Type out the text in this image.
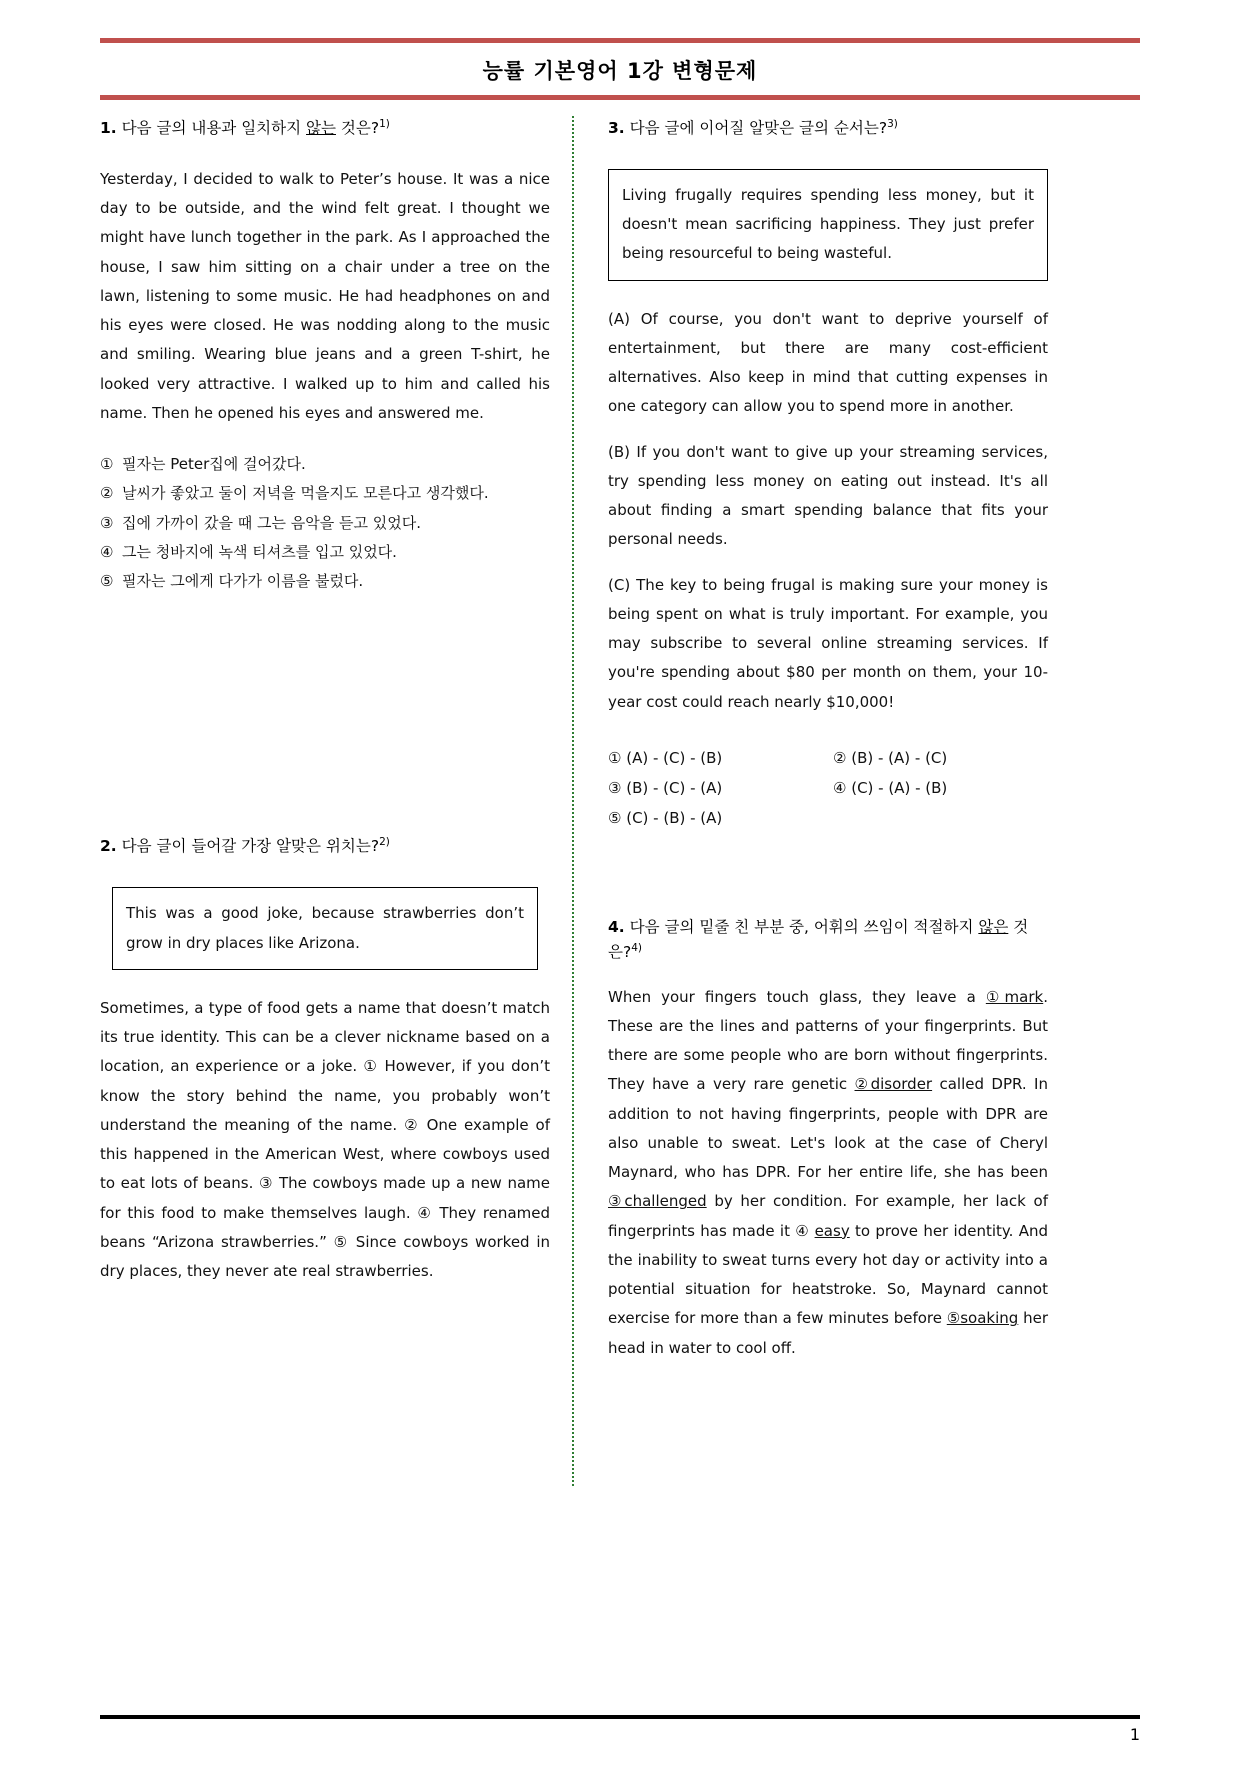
능률 기본영어 1강 변형문제
1. 다음 글의 내용과 일치하지 않는 것은?$^{1)}$

Yesterday, I decided to walk to Peter’s house. It was a nice day to be outside, and the wind felt great. I thought we might have lunch together in the park. As I approached the house, I saw him sitting on a chair under a tree on the lawn, listening to some music. He had headphones on and his eyes were closed. He was nodding along to the music and smiling. Wearing blue jeans and a green T-shirt, he looked very attractive. I walked up to him and called his name. Then he opened his eyes and answered me.

① 필자는 Peter집에 걸어갔다.
② 날씨가 좋았고 둘이 저녁을 먹을지도 모른다고 생각했다.
③ 집에 가까이 갔을 때 그는 음악을 듣고 있었다.
④ 그는 청바지에 녹색 티셔츠를 입고 있었다.
⑤ 필자는 그에게 다가가 이름을 불렀다.
2. 다음 글이 들어갈 가장 알맞은 위치는?$^{2)}$
This was a good joke, because strawberries don’t grow in dry places like Arizona.

Sometimes, a type of food gets a name that doesn’t match its true identity. This can be a clever nickname based on a location, an experience or a joke. ① However, if you don’t know the story behind the name, you probably won’t understand the meaning of the name. ② One example of this happened in the American West, where cowboys used to eat lots of beans. ③ The cowboys made up a new name for this food to make themselves laugh. ④ They renamed beans “Arizona strawberries.” ⑤ Since cowboys worked in dry places, they never ate real strawberries.

3. 다음 글에 이어질 알맞은 글의 순서는?$^{3)}$
Living frugally requires spending less money, but it doesn't mean sacrificing happiness. They just prefer being resourceful to being wasteful.

(A) Of course, you don't want to deprive yourself of entertainment, but there are many cost-efficient alternatives. Also keep in mind that cutting expenses in one category can allow you to spend more in another.

(B) If you don't want to give up your streaming services, try spending less money on eating out instead. It's all about finding a smart spending balance that fits your personal needs.

(C) The key to being frugal is making sure your money is being spent on what is truly important. For example, you may subscribe to several online streaming services. If you're spending about $80 per month on them, your 10-year cost could reach nearly $10,000!

① (A) - (C) - (B)	② (B) - (A) - (C)
③ (B) - (C) - (A)	④ (C) - (A) - (B)
⑤ (C) - (B) - (A)
4. 다음 글의 밑줄 친 부분 중, 어휘의 쓰임이 적절하지 않은 것은?$^{4)}$

When your fingers touch glass, they leave a ①mark. These are the lines and patterns of your fingerprints. But there are some people who are born without fingerprints. They have a very rare genetic ②disorder called DPR. In addition to not having fingerprints, people with DPR are also unable to sweat. Let's look at the case of Cheryl Maynard, who has DPR. For her entire life, she has been ③challenged by her condition. For example, her lack of fingerprints has made it ④ easy to prove her identity. And the inability to sweat turns every hot day or activity into a potential situation for heatstroke. So, Maynard cannot exercise for more than a few minutes before ⑤soaking her head in water to cool off.

1
